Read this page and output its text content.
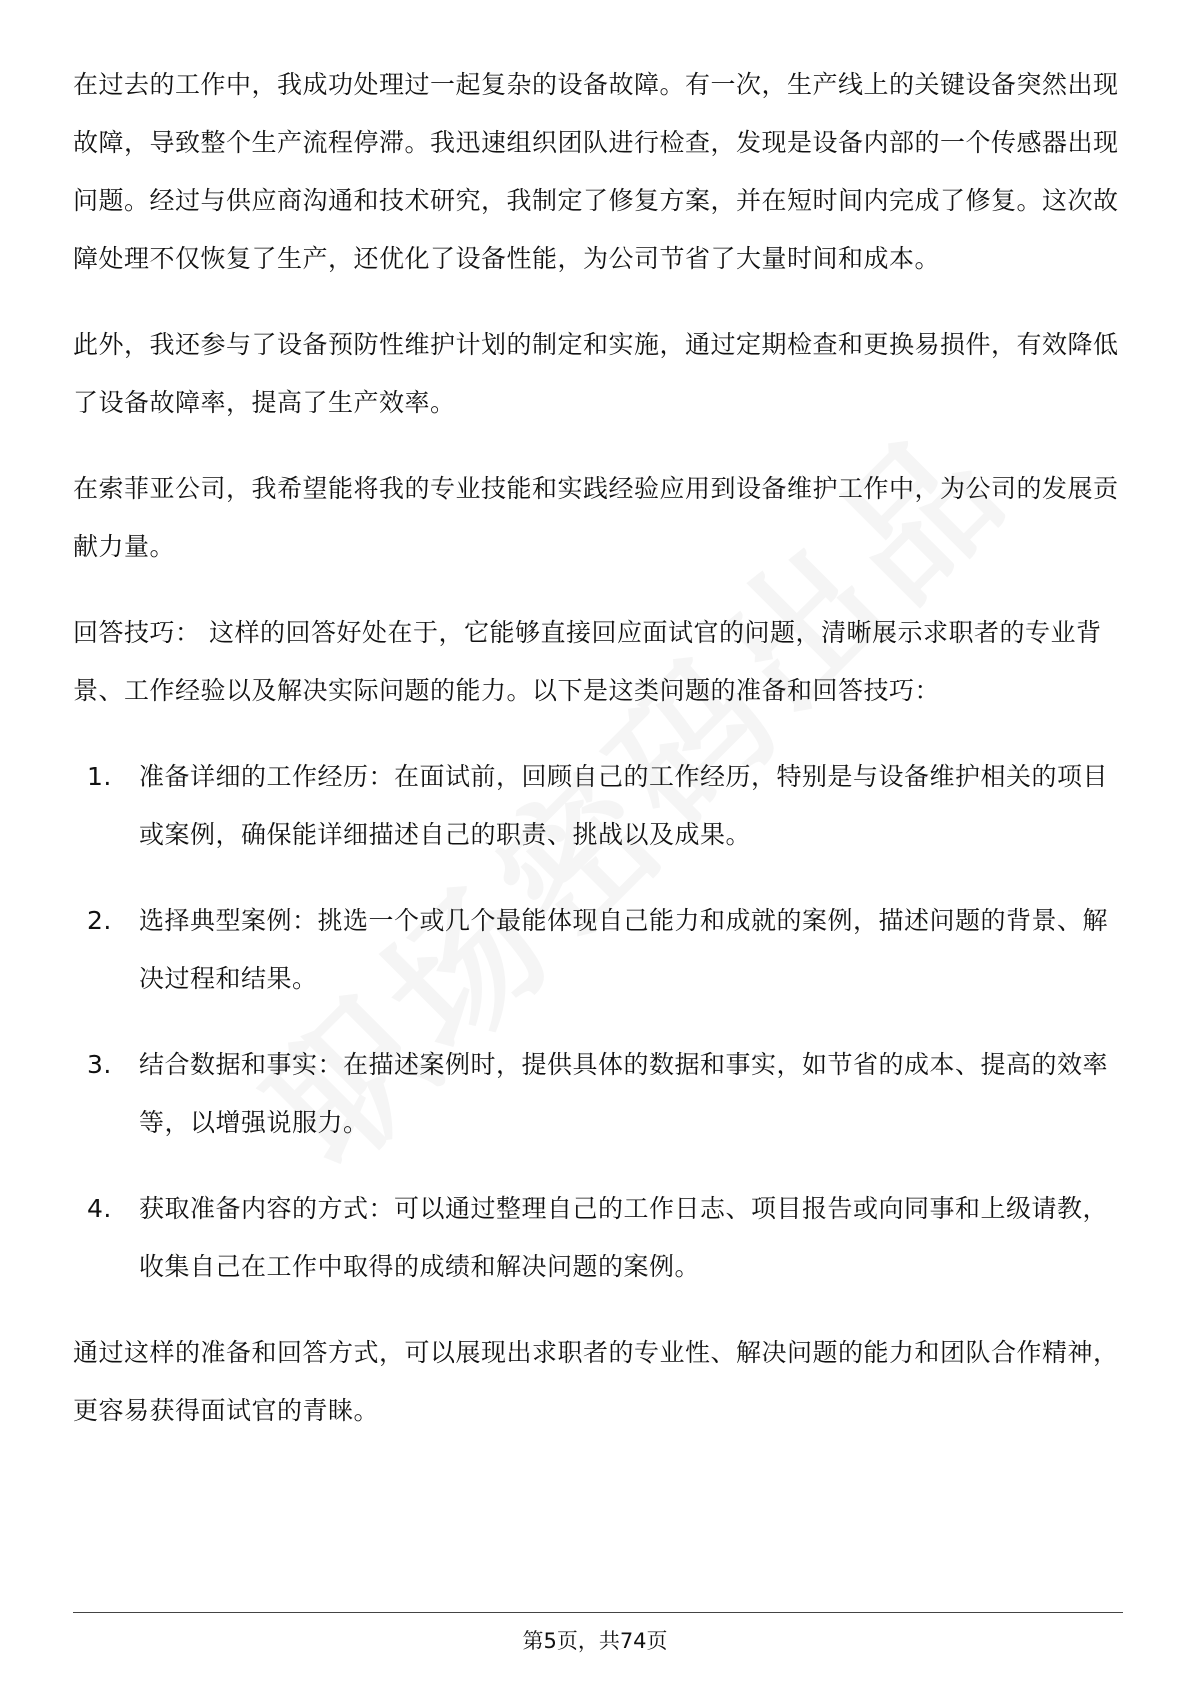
在过去的工作中，我成功处理过一起复杂的设备故障。有一次，生产线上的关键设备突然出现故障，导致整个生产流程停滞。我迅速组织团队进行检查，发现是设备内部的一个传感器出现问题。经过与供应商沟通和技术研究，我制定了修复方案，并在短时间内完成了修复。这次故障处理不仅恢复了生产，还优化了设备性能，为公司节省了大量时间和成本。

此外，我还参与了设备预防性维护计划的制定和实施，通过定期检查和更换易损件，有效降低了设备故障率，提高了生产效率。

在索菲亚公司，我希望能将我的专业技能和实践经验应用到设备维护工作中，为公司的发展贡献力量。

回答技巧： 这样的回答好处在于，它能够直接回应面试官的问题，清晰展示求职者的专业背景、工作经验以及解决实际问题的能力。以下是这类问题的准备和回答技巧：

1.	准备详细的工作经历：在面试前，回顾自己的工作经历，特别是与设备维护相关的项目或案例，确保能详细描述自己的职责、挑战以及成果。
2.	选择典型案例：挑选一个或几个最能体现自己能力和成就的案例，描述问题的背景、解决过程和结果。
3.	结合数据和事实：在描述案例时，提供具体的数据和事实，如节省的成本、提高的效率等，以增强说服力。
4.	获取准备内容的方式：可以通过整理自己的工作日志、项目报告或向同事和上级请教，收集自己在工作中取得的成绩和解决问题的案例。

通过这样的准备和回答方式，可以展现出求职者的专业性、解决问题的能力和团队合作精神，更容易获得面试官的青睐。

第5页，共74页
